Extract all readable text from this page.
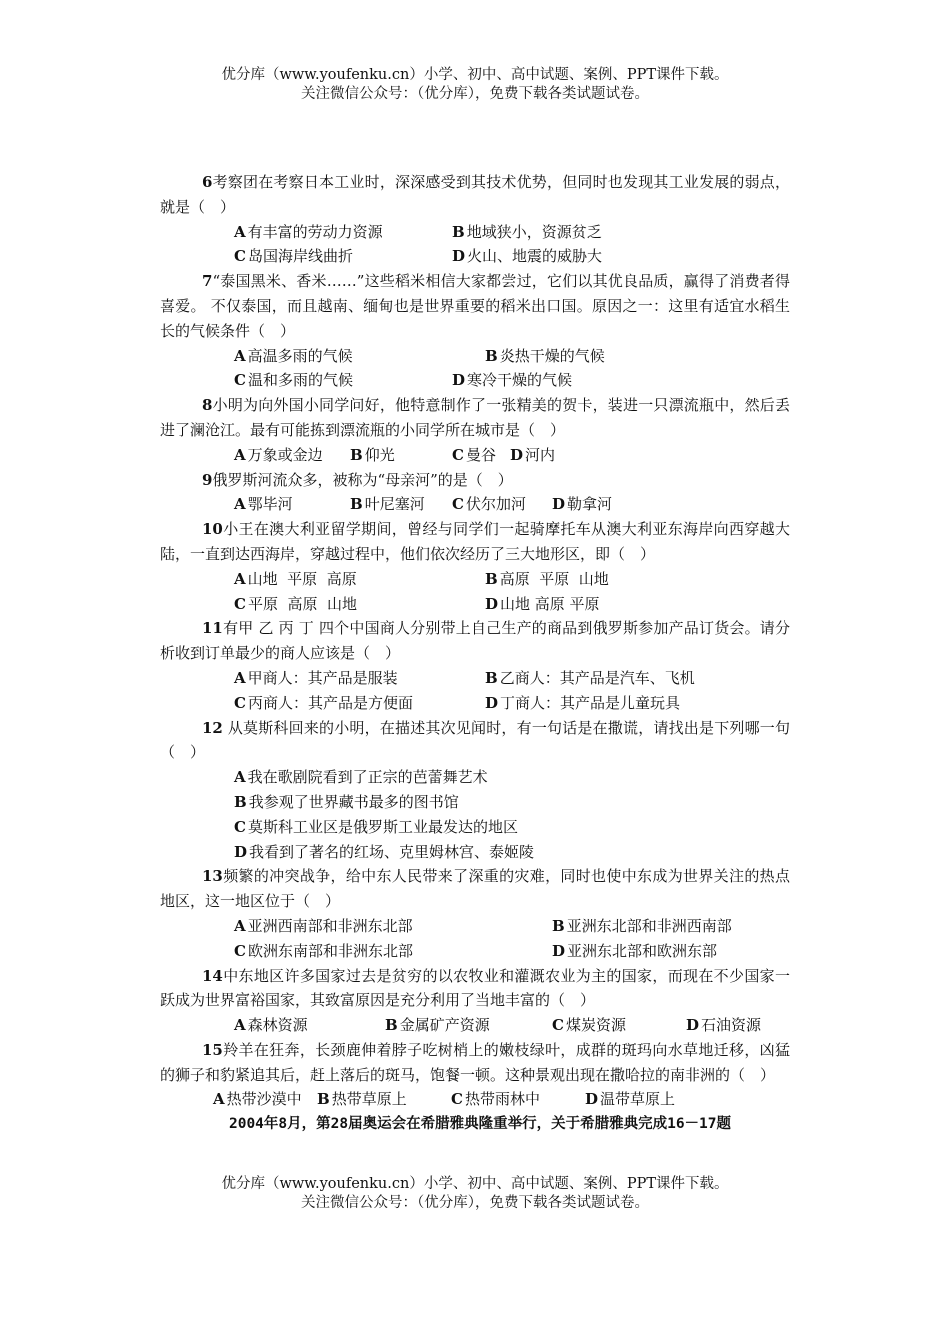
优分库（www.youfenku.cn）小学、初中、高中试题、案例、PPT课件下载。
关注微信公众号：（优分库），免费下载各类试题试卷。
6考察团在考察日本工业时，深深感受到其技术优势，但同时也发现其工业发展的弱点，就是（　）
A 有丰富的劳动力资源	B 地域狭小，资源贫乏
C 岛国海岸线曲折	D 火山、地震的威胁大
7“泰国黑米、香米……”这些稻米相信大家都尝过，它们以其优良品质，赢得了消费者得喜爱。 不仅泰国，而且越南、缅甸也是世界重要的稻米出口国。原因之一：这里有适宜水稻生长的气候条件（　）
A 高温多雨的气候	B 炎热干燥的气候
C 温和多雨的气候	D 寒冷干燥的气候
8小明为向外国小同学问好，他特意制作了一张精美的贺卡，装进一只漂流瓶中，然后丢进了澜沧江。最有可能拣到漂流瓶的小同学所在城市是（　）
A 万象或金边	B 仰光	C 曼谷 D 河内
9俄罗斯河流众多，被称为“母亲河”的是（　）
A 鄂毕河	B 叶尼塞河	C 伏尔加河	D 勒拿河
10小王在澳大利亚留学期间，曾经与同学们一起骑摩托车从澳大利亚东海岸向西穿越大陆，一直到达西海岸，穿越过程中，他们依次经历了三大地形区，即（　）
A 山地  平原  高原	B 高原  平原  山地
C 平原  高原  山地	D 山地 高原 平原
11有甲 乙 丙 丁 四个中国商人分别带上自己生产的商品到俄罗斯参加产品订货会。请分析收到订单最少的商人应该是（　）
A 甲商人：其产品是服装	B 乙商人：其产品是汽车、飞机
C 丙商人：其产品是方便面	D 丁商人：其产品是儿童玩具
12 从莫斯科回来的小明，在描述其次见闻时，有一句话是在撒谎，请找出是下列哪一句（　）
A 我在歌剧院看到了正宗的芭蕾舞艺术
B 我参观了世界藏书最多的图书馆
C 莫斯科工业区是俄罗斯工业最发达的地区
D 我看到了著名的红场、克里姆林宫、泰姬陵
13频繁的冲突战争，给中东人民带来了深重的灾难，同时也使中东成为世界关注的热点地区，这一地区位于（　）
A 亚洲西南部和非洲东北部	B 亚洲东北部和非洲西南部
C 欧洲东南部和非洲东北部	D 亚洲东北部和欧洲东部
14中东地区许多国家过去是贫穷的以农牧业和灌溉农业为主的国家，而现在不少国家一跃成为世界富裕国家，其致富原因是充分利用了当地丰富的（　）
A 森林资源	B 金属矿产资源	C 煤炭资源	D 石油资源
15羚羊在狂奔，长颈鹿伸着脖子吃树梢上的嫩枝绿叶，成群的斑玛向水草地迁移，凶猛的狮子和豹紧追其后，赶上落后的斑马，饱餐一顿。这种景观出现在撒哈拉的南非洲的（　）
A 热带沙漠中	B 热带草原上	C 热带雨林中	D 温带草原上
2004年8月，第28届奥运会在希腊雅典隆重举行，关于希腊雅典完成16－17题
优分库（www.youfenku.cn）小学、初中、高中试题、案例、PPT课件下载。
关注微信公众号：（优分库），免费下载各类试题试卷。
